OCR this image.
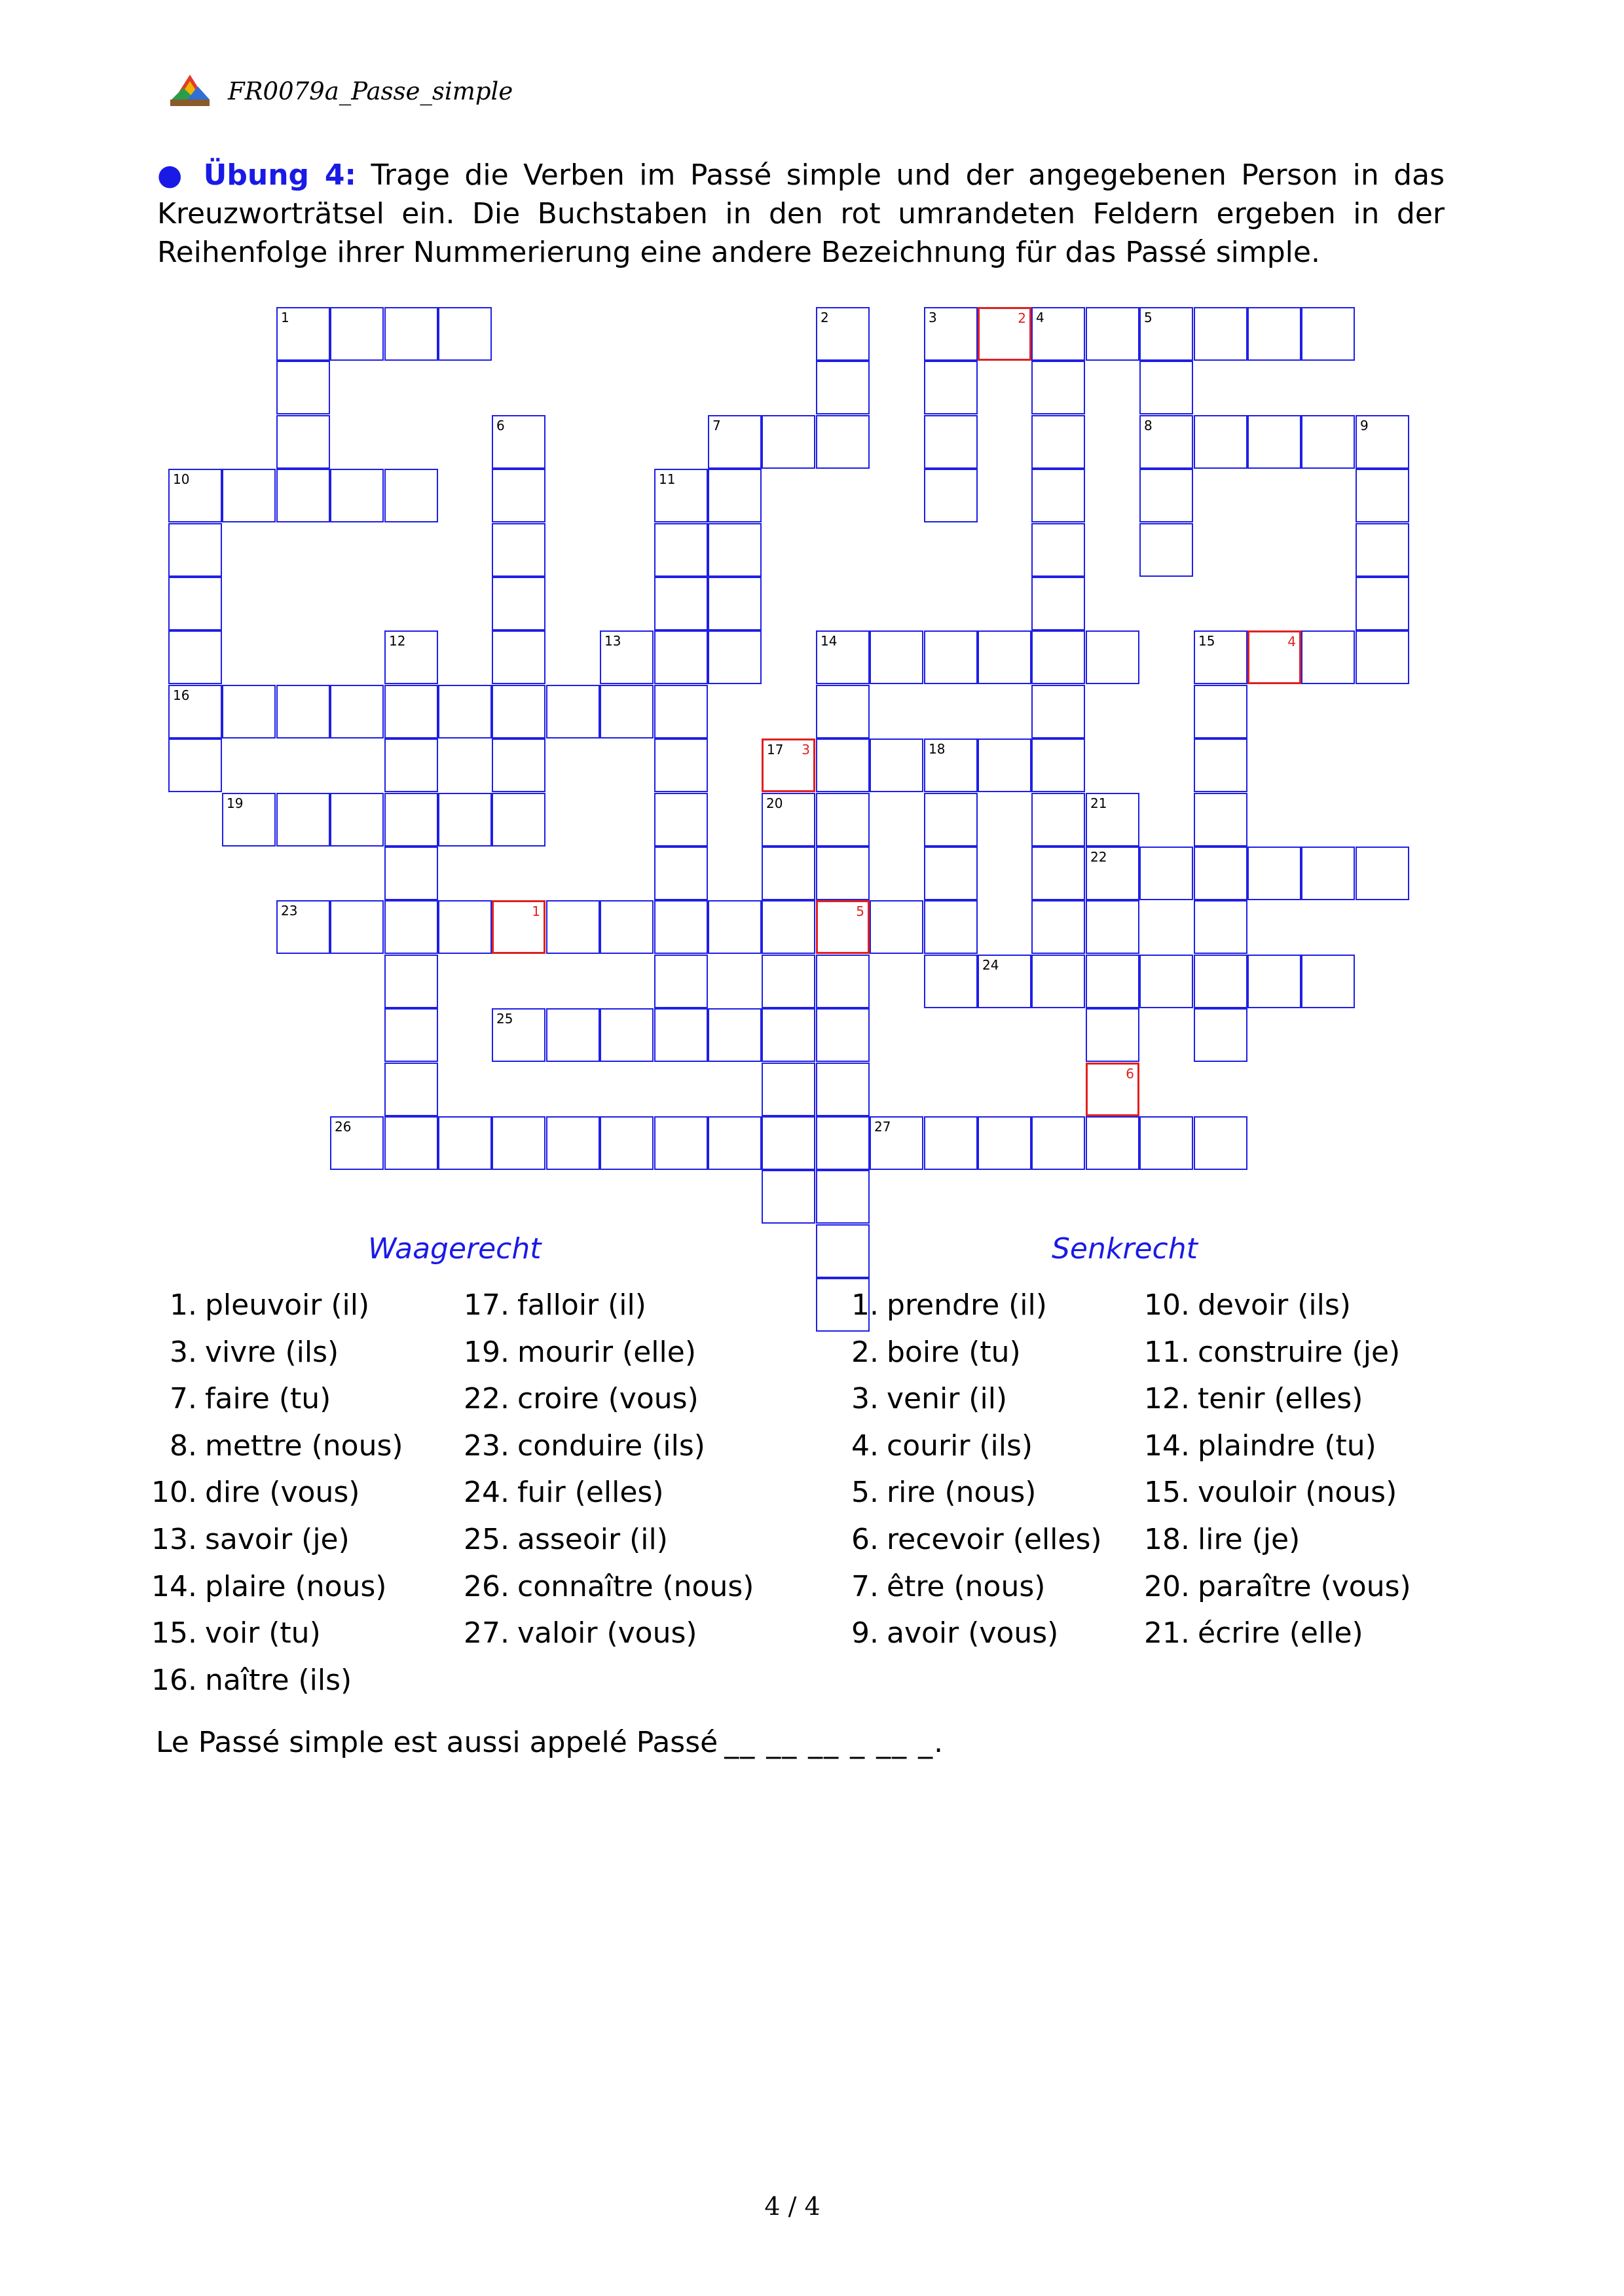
FR0079a_Passe_simple
● Übung 4: Trage die Verben im Passé simple und der angegebenen Person in das Kreuzworträtsel ein. Die Buchstaben in den rot umrandeten Feldern ergeben in der Reihenfolge ihrer Nummerierung eine andere Bezeichnung für das Passé simple.
1	3	2 4	5
7	8	9
10
13	14	15	4
16
17 3	18
19
22
23	1	5
24
25
26	27
2
6
11
12
20	21
6
Waagerecht	Senkrecht
1. pleuvoir (il)
3. vivre (ils)
7. faire (tu)
8. mettre (nous)
10. dire (vous)
13. savoir (je)
14. plaire (nous)
15. voir (tu)
16. naître (ils)
17. falloir (il)
19. mourir (elle)
22. croire (vous)
23. conduire (ils)
24. fuir (elles)
25. asseoir (il)
26. connaître (nous)
27. valoir (vous)
1. prendre (il)
2. boire (tu)
3. venir (il)
4. courir (ils)
5. rire (nous)
6. recevoir (elles)
7. être (nous)
9. avoir (vous)
10. devoir (ils)
11. construire (je)
12. tenir (elles)
14. plaindre (tu)
15. vouloir (nous)
18. lire (je)
20. paraître (vous)
21. écrire (elle)
Le Passé simple est aussi appelé Passé __ __ __ _ __ _.
4 / 4
